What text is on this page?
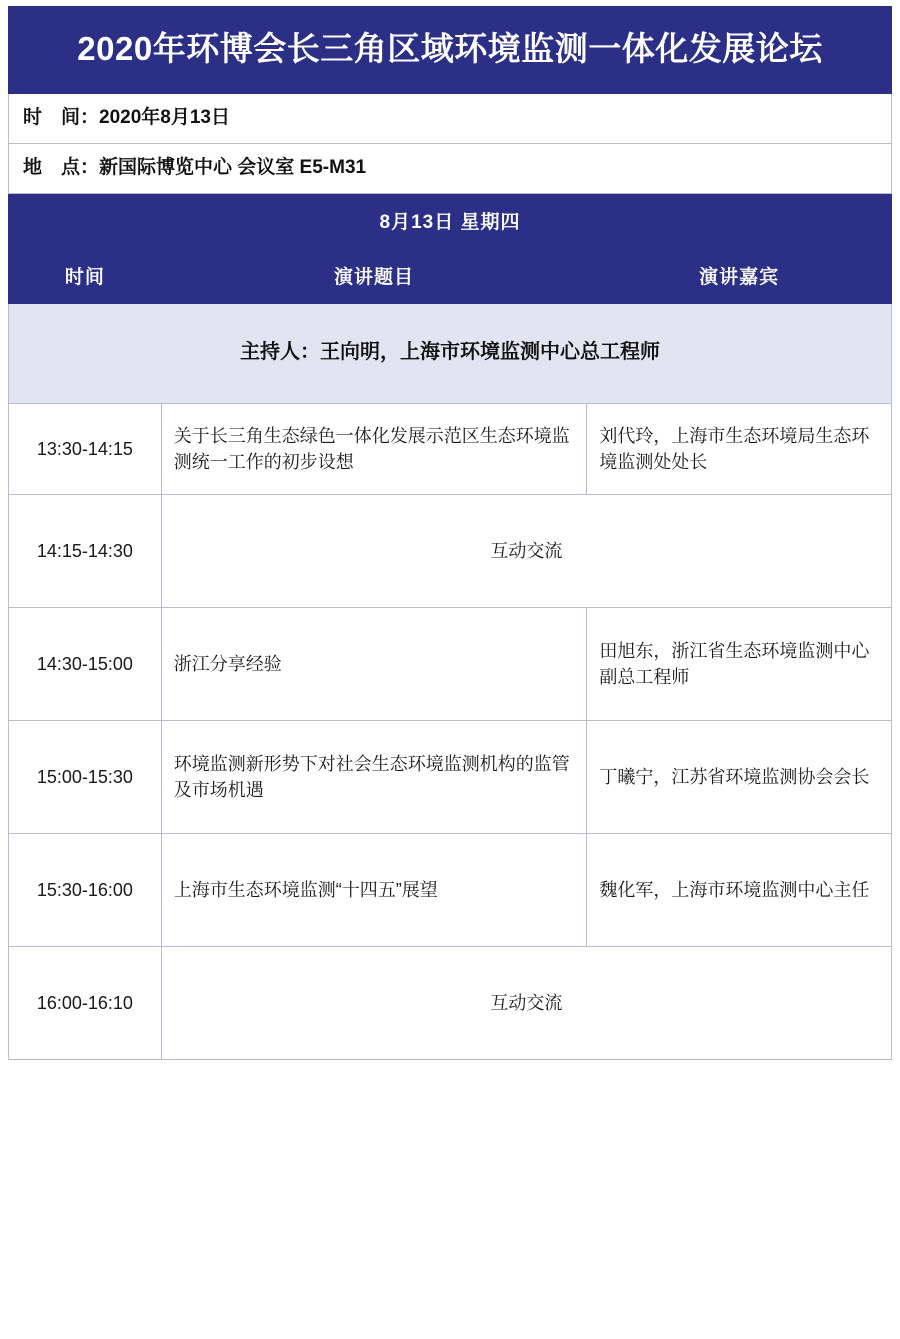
2020年环博会长三角区域环境监测一体化发展论坛
时　间：2020年8月13日
地　点：新国际博览中心 会议室 E5-M31
8月13日 星期四
时间	演讲题目	演讲嘉宾
主持人：王向明，上海市环境监测中心总工程师		
13:30-14:15	关于长三角生态绿色一体化发展示范区生态环境监测统一工作的初步设想	刘代玲，上海市生态环境局生态环境监测处处长
14:15-14:30	互动交流	
14:30-15:00	浙江分享经验	田旭东，浙江省生态环境监测中心副总工程师
15:00-15:30	环境监测新形势下对社会生态环境监测机构的监管及市场机遇	丁曦宁，江苏省环境监测协会会长
15:30-16:00	上海市生态环境监测“十四五”展望	魏化军，上海市环境监测中心主任
16:00-16:10	互动交流	
